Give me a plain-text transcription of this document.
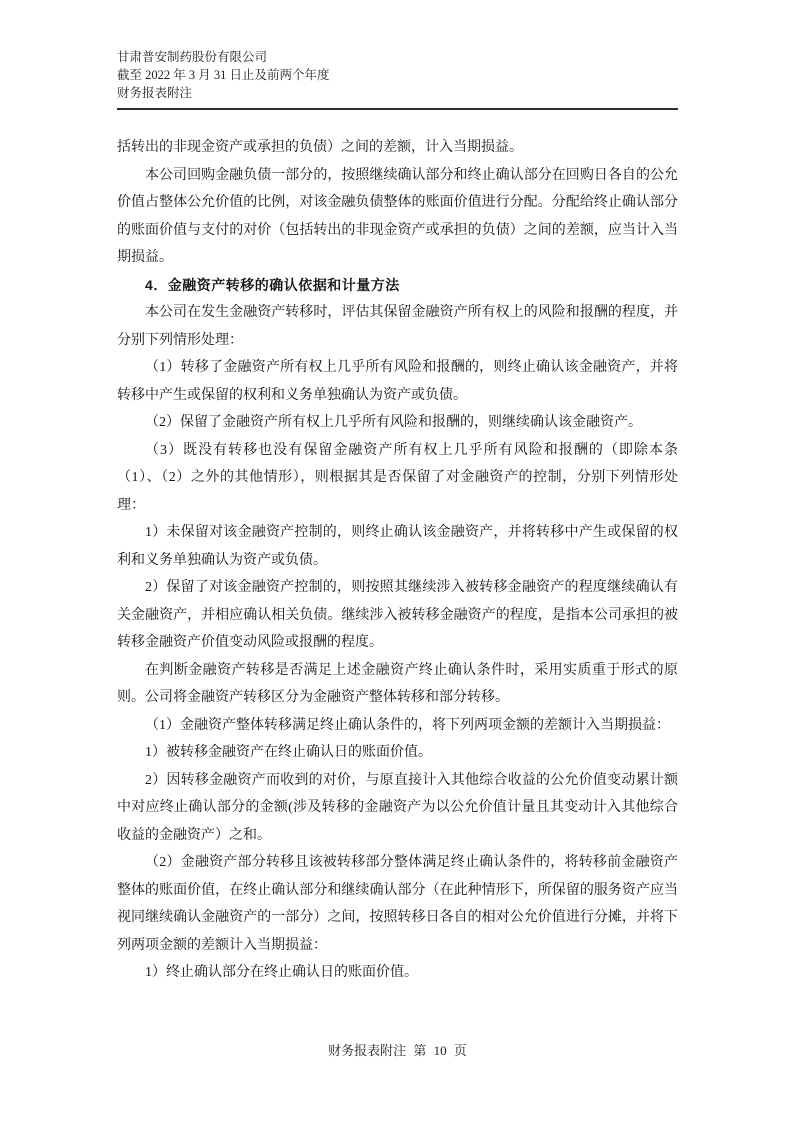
甘肃普安制药股份有限公司
截至 2022 年 3 月 31 日止及前两个年度
财务报表附注

括转出的非现金资产或承担的负债）之间的差额，计入当期损益。

本公司回购金融负债一部分的，按照继续确认部分和终止确认部分在回购日各自的公允价值占整体公允价值的比例，对该金融负债整体的账面价值进行分配。分配给终止确认部分的账面价值与支付的对价（包括转出的非现金资产或承担的负债）之间的差额，应当计入当期损益。

4．金融资产转移的确认依据和计量方法

本公司在发生金融资产转移时，评估其保留金融资产所有权上的风险和报酬的程度，并分别下列情形处理：

（1）转移了金融资产所有权上几乎所有风险和报酬的，则终止确认该金融资产，并将转移中产生或保留的权利和义务单独确认为资产或负债。

（2）保留了金融资产所有权上几乎所有风险和报酬的，则继续确认该金融资产。

（3）既没有转移也没有保留金融资产所有权上几乎所有风险和报酬的（即除本条（1）、（2）之外的其他情形），则根据其是否保留了对金融资产的控制，分别下列情形处理：

1）未保留对该金融资产控制的，则终止确认该金融资产，并将转移中产生或保留的权利和义务单独确认为资产或负债。

2）保留了对该金融资产控制的，则按照其继续涉入被转移金融资产的程度继续确认有关金融资产，并相应确认相关负债。继续涉入被转移金融资产的程度，是指本公司承担的被转移金融资产价值变动风险或报酬的程度。

在判断金融资产转移是否满足上述金融资产终止确认条件时，采用实质重于形式的原则。公司将金融资产转移区分为金融资产整体转移和部分转移。

（1）金融资产整体转移满足终止确认条件的，将下列两项金额的差额计入当期损益：

1）被转移金融资产在终止确认日的账面价值。

2）因转移金融资产而收到的对价，与原直接计入其他综合收益的公允价值变动累计额中对应终止确认部分的金额(涉及转移的金融资产为以公允价值计量且其变动计入其他综合收益的金融资产）之和。

（2）金融资产部分转移且该被转移部分整体满足终止确认条件的，将转移前金融资产整体的账面价值，在终止确认部分和继续确认部分（在此种情形下，所保留的服务资产应当视同继续确认金融资产的一部分）之间，按照转移日各自的相对公允价值进行分摊，并将下列两项金额的差额计入当期损益：

1）终止确认部分在终止确认日的账面价值。

财务报表附注 第 10 页
